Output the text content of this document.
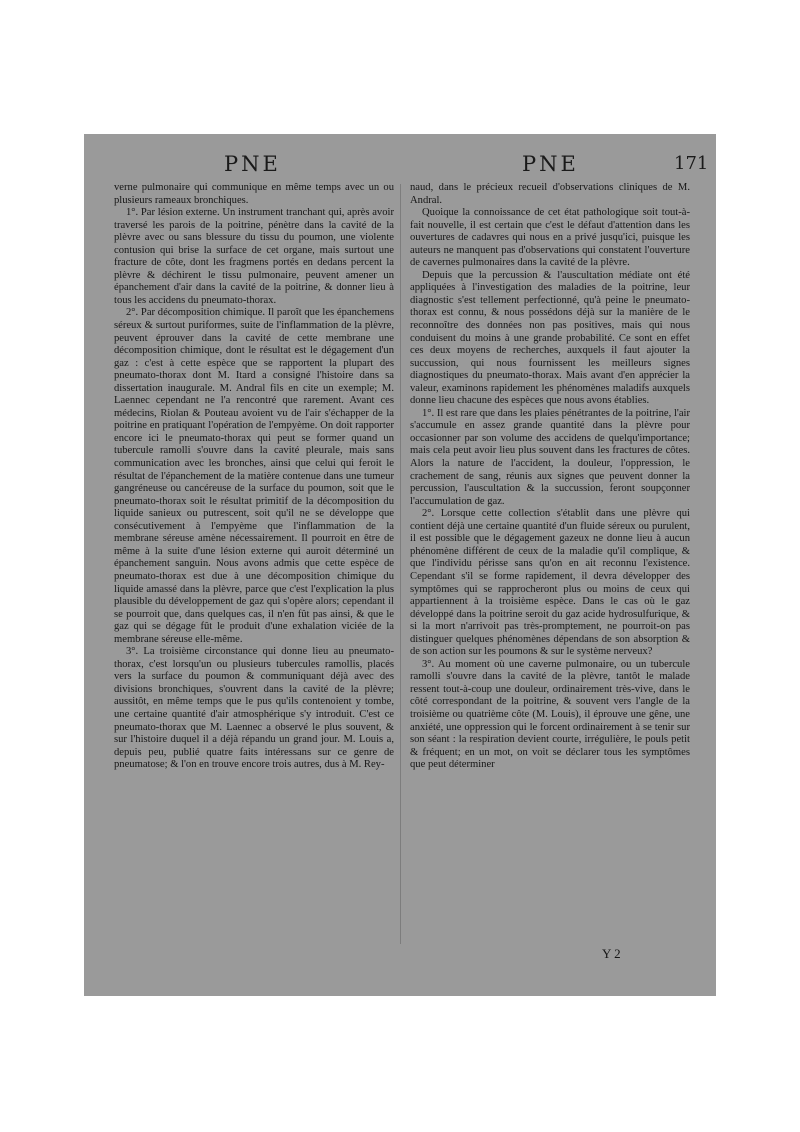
PNE	PNE	171

verne pulmonaire qui communique en même temps avec un ou plusieurs rameaux bronchiques.

1°. Par lésion externe. Un instrument tranchant qui, après avoir traversé les parois de la poitrine, pénètre dans la cavité de la plèvre avec ou sans blessure du tissu du poumon, une violente contusion qui brise la surface de cet organe, mais surtout une fracture de côte, dont les fragmens portés en dedans percent la plèvre & déchirent le tissu pulmonaire, peuvent amener un épanchement d'air dans la cavité de la poitrine, & donner lieu à tous les accidens du pneumato-thorax.

2°. Par décomposition chimique. Il paroît que les épanchemens séreux & surtout puriformes, suite de l'inflammation de la plèvre, peuvent éprouver dans la cavité de cette membrane une décomposition chimique, dont le résultat est le dégagement d'un gaz : c'est à cette espèce que se rapportent la plupart des pneumato-thorax dont M. Itard a consigné l'histoire dans sa dissertation inaugurale. M. Andral fils en cite un exemple; M. Laennec cependant ne l'a rencontré que rarement. Avant ces médecins, Riolan & Pouteau avoient vu de l'air s'échapper de la poitrine en pratiquant l'opération de l'empyème. On doit rapporter encore ici le pneumato-thorax qui peut se former quand un tubercule ramolli s'ouvre dans la cavité pleurale, mais sans communication avec les bronches, ainsi que celui qui feroit le résultat de l'épanchement de la matière contenue dans une tumeur gangréneuse ou cancéreuse de la surface du poumon, soit que le pneumato-thorax soit le résultat primitif de la décomposition du liquide sanieux ou putrescent, soit qu'il ne se développe que consécutivement à l'empyème que l'inflammation de la membrane séreuse amène nécessairement. Il pourroit en être de même à la suite d'une lésion externe qui auroit déterminé un épanchement sanguin. Nous avons admis que cette espèce de pneumato-thorax est due à une décomposition chimique du liquide amassé dans la plèvre, parce que c'est l'explication la plus plausible du développement de gaz qui s'opère alors; cependant il se pourroit que, dans quelques cas, il n'en fût pas ainsi, & que le gaz qui se dégage fût le produit d'une exhalation viciée de la membrane séreuse elle-même.

3°. La troisième circonstance qui donne lieu au pneumato-thorax, c'est lorsqu'un ou plusieurs tubercules ramollis, placés vers la surface du poumon & communiquant déjà avec des divisions bronchiques, s'ouvrent dans la cavité de la plèvre; aussitôt, en même temps que le pus qu'ils contenoient y tombe, une certaine quantité d'air atmosphérique s'y introduit. C'est ce pneumato-thorax que M. Laennec a observé le plus souvent, & sur l'histoire duquel il a déjà répandu un grand jour. M. Louis a, depuis peu, publié quatre faits intéressans sur ce genre de pneumatose; & l'on en trouve encore trois autres, dus à M. Rey-

naud, dans le précieux recueil d'observations cliniques de M. Andral.

Quoique la connoissance de cet état pathologique soit tout-à-fait nouvelle, il est certain que c'est le défaut d'attention dans les ouvertures de cadavres qui nous en a privé jusqu'ici, puisque les auteurs ne manquent pas d'observations qui constatent l'ouverture de cavernes pulmonaires dans la cavité de la plèvre.

Depuis que la percussion & l'auscultation médiate ont été appliquées à l'investigation des maladies de la poitrine, leur diagnostic s'est tellement perfectionné, qu'à peine le pneumato-thorax est connu, & nous possédons déjà sur la manière de le reconnoître des données non pas positives, mais qui nous conduisent du moins à une grande probabilité. Ce sont en effet ces deux moyens de recherches, auxquels il faut ajouter la succussion, qui nous fournissent les meilleurs signes diagnostiques du pneumato-thorax. Mais avant d'en apprécier la valeur, examinons rapidement les phénomènes maladifs auxquels donne lieu chacune des espèces que nous avons établies.

1°. Il est rare que dans les plaies pénétrantes de la poitrine, l'air s'accumule en assez grande quantité dans la plèvre pour occasionner par son volume des accidens de quelqu'importance; mais cela peut avoir lieu plus souvent dans les fractures de côtes. Alors la nature de l'accident, la douleur, l'oppression, le crachement de sang, réunis aux signes que peuvent donner la percussion, l'auscultation & la succussion, feront soupçonner l'accumulation de gaz.

2°. Lorsque cette collection s'établit dans une plèvre qui contient déjà une certaine quantité d'un fluide séreux ou purulent, il est possible que le dégagement gazeux ne donne lieu à aucun phénomène différent de ceux de la maladie qu'il complique, & que l'individu périsse sans qu'on en ait reconnu l'existence. Cependant s'il se forme rapidement, il devra développer des symptômes qui se rapprocheront plus ou moins de ceux qui appartiennent à la troisième espèce. Dans le cas où le gaz développé dans la poitrine seroit du gaz acide hydrosulfurique, & si la mort n'arrivoit pas très-promptement, ne pourroit-on pas distinguer quelques phénomènes dépendans de son absorption & de son action sur les poumons & sur le système nerveux?

3°. Au moment où une caverne pulmonaire, ou un tubercule ramolli s'ouvre dans la cavité de la plèvre, tantôt le malade ressent tout-à-coup une douleur, ordinairement très-vive, dans le côté correspondant de la poitrine, & souvent vers l'angle de la troisième ou quatrième côte (M. Louis), il éprouve une gêne, une anxiété, une oppression qui le forcent ordinairement à se tenir sur son séant : la respiration devient courte, irrégulière, le pouls petit & fréquent; en un mot, on voit se déclarer tous les symptômes que peut déterminer

Y 2
